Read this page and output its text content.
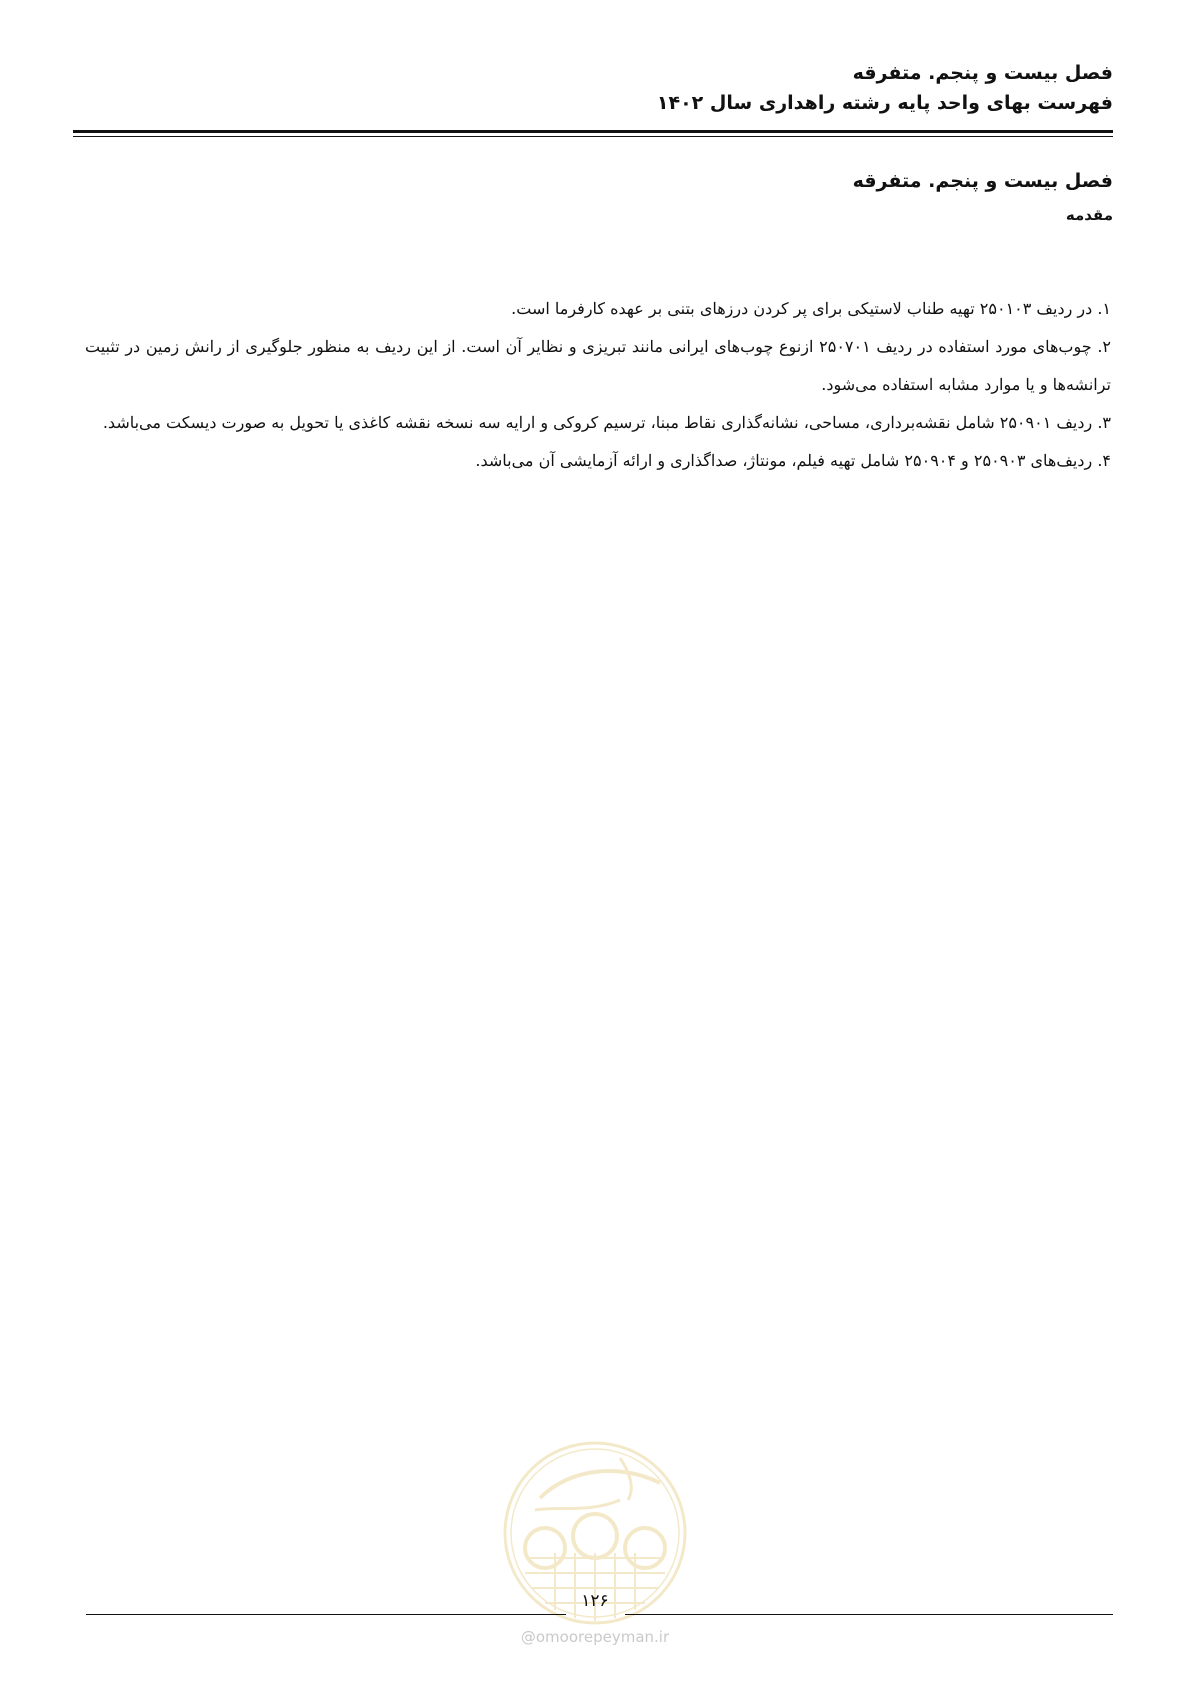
فصل بیست و پنجم. متفرقه
فهرست بهای واحد پایه رشته راهداری سال ۱۴۰۲
فصل بیست و پنجم. متفرقه
مقدمه

۱. در ردیف ۲۵۰۱۰۳ تهیه طناب لاستیکی برای پر کردن درزهای بتنی بر عهده کارفرما است.

۲. چوب‌های مورد استفاده در ردیف ۲۵۰۷۰۱ ازنوع چوب‌های ایرانی مانند تبریزی و نظایر آن است. از این ردیف به منظور جلوگیری از رانش زمین در تثبیت ترانشه‌ها و یا موارد مشابه استفاده می‌شود.

۳. ردیف ۲۵۰۹۰۱ شامل نقشه‌برداری، مساحی، نشانه‌گذاری نقاط مبنا، ترسیم کروکی و ارایه سه نسخه نقشه کاغذی یا تحویل به صورت دیسکت می‌باشد.

۴. ردیف‌های ۲۵۰۹۰۳ و ۲۵۰۹۰۴ شامل تهیه فیلم، مونتاژ، صداگذاری و ارائه آزمایشی آن می‌باشد.

۱۲۶
@omoorepeyman.ir
